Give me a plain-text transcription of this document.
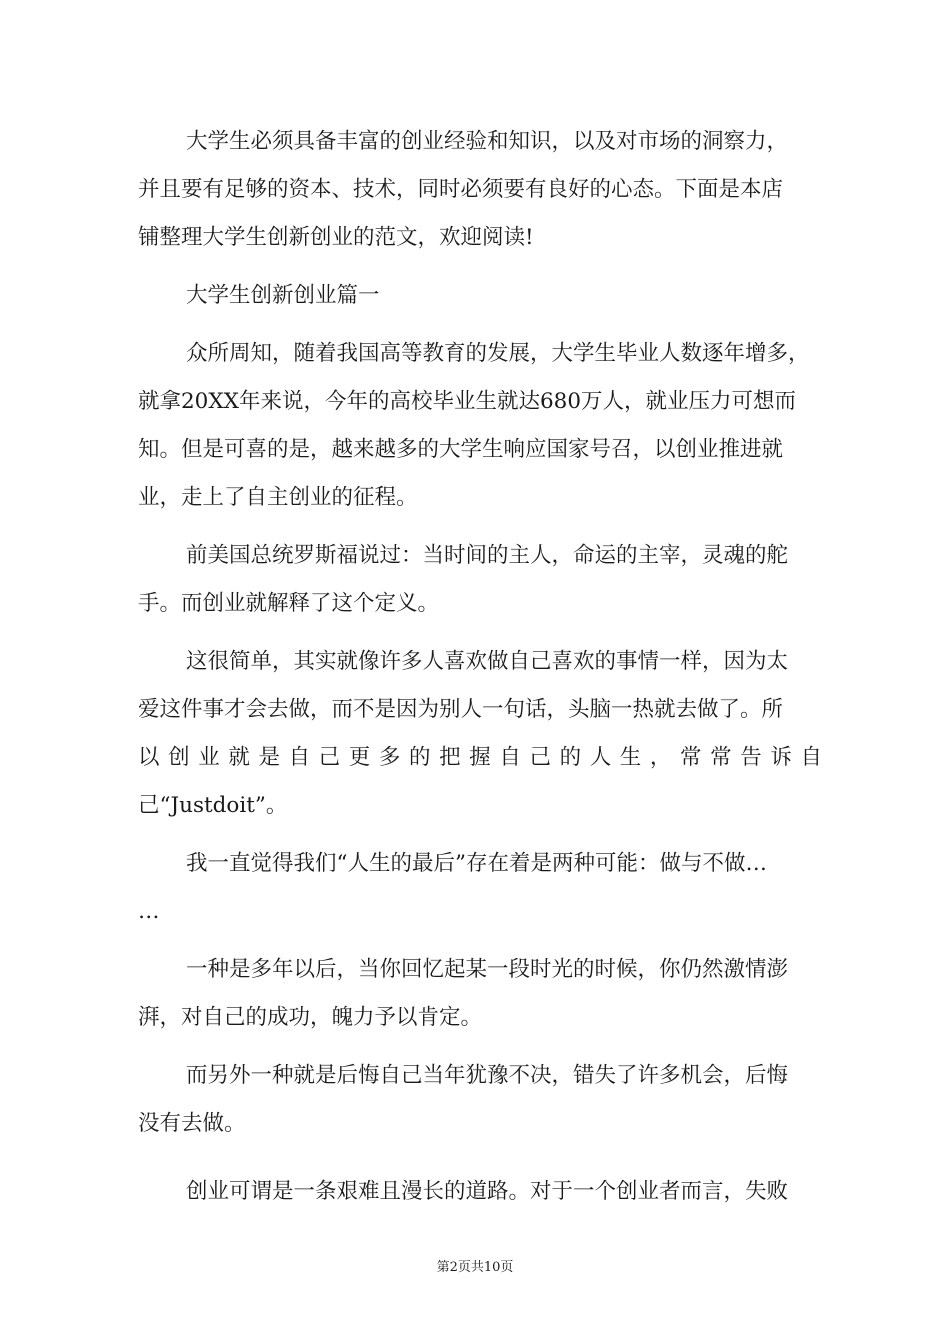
大学生必须具备丰富的创业经验和知识，以及对市场的洞察力，
并且要有足够的资本、技术，同时必须要有良好的心态。下面是本店
铺整理大学生创新创业的范文，欢迎阅读!
大学生创新创业篇一
众所周知，随着我国高等教育的发展，大学生毕业人数逐年增多，
就拿20XX年来说，今年的高校毕业生就达680万人，就业压力可想而
知。但是可喜的是，越来越多的大学生响应国家号召，以创业推进就
业，走上了自主创业的征程。
前美国总统罗斯福说过：当时间的主人，命运的主宰，灵魂的舵
手。而创业就解释了这个定义。
这很简单，其实就像许多人喜欢做自己喜欢的事情一样，因为太
爱这件事才会去做，而不是因为别人一句话，头脑一热就去做了。所
以创业就是自己更多的把握自己的人生，常常告诉自
己“Justdoit”。
我一直觉得我们“人生的最后”存在着是两种可能：做与不做…
…
一种是多年以后，当你回忆起某一段时光的时候，你仍然激情澎
湃，对自己的成功，魄力予以肯定。
而另外一种就是后悔自己当年犹豫不决，错失了许多机会，后悔
没有去做。
创业可谓是一条艰难且漫长的道路。对于一个创业者而言，失败
第2页共10页
